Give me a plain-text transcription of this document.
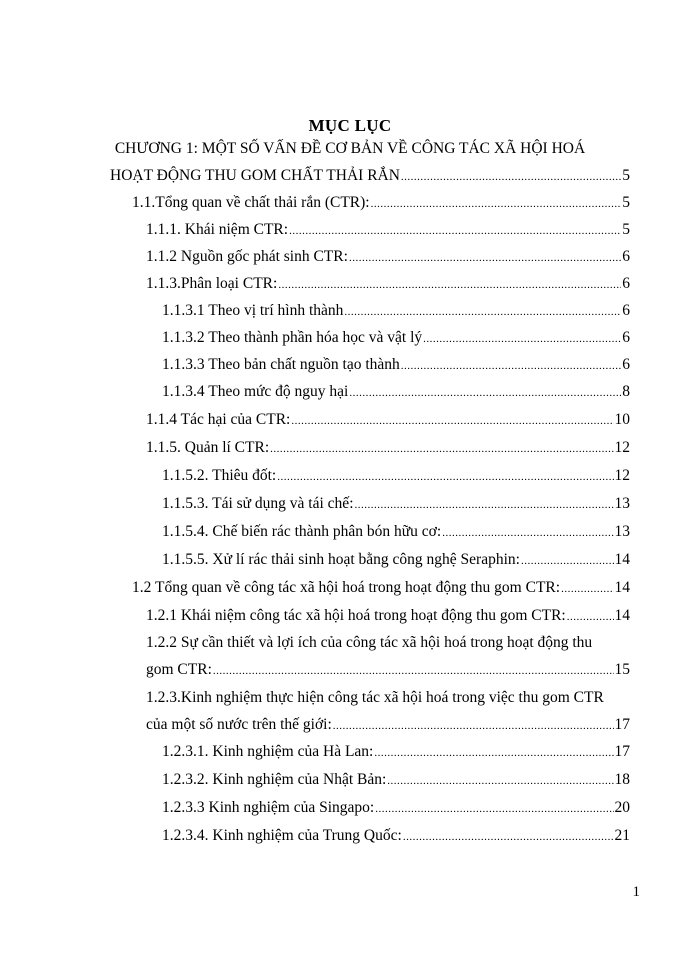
MỤC LỤC
CHƯƠNG 1: MỘT SỐ VẤN ĐỀ CƠ BẢN VỀ CÔNG TÁC XÃ HỘI HOÁ
HOẠT ĐỘNG THU GOM CHẤT THẢI RẮN .....	5
1.1.Tổng quan về chất thải rắn (CTR): .....	5
1.1.1. Khái niệm CTR: .....	5
1.1.2 Nguồn gốc phát sinh CTR: .....	6
1.1.3.Phân loại CTR: .....	6
1.1.3.1 Theo vị trí hình thành .....	6
1.1.3.2 Theo thành phần hóa học và vật lý .....	6
1.1.3.3 Theo bản chất nguồn tạo thành .....	6
1.1.3.4 Theo mức độ nguy hại .....	8
1.1.4 Tác hại của CTR: .....	10
1.1.5. Quản lí CTR: .....	12
1.1.5.2. Thiêu đốt: .....	12
1.1.5.3. Tái sử dụng và tái chế: .....	13
1.1.5.4. Chế biến rác thành phân bón hữu cơ: .....	13
1.1.5.5. Xử lí rác thải sinh hoạt bằng công nghệ Seraphin: .....	14
1.2 Tổng quan về công tác xã hội hoá trong hoạt động thu gom CTR: .....	14
1.2.1 Khái niệm công tác xã hội hoá trong hoạt động thu gom CTR: .....	14
1.2.2 Sự cần thiết và lợi ích của công tác xã hội hoá trong hoạt động thu
gom CTR: .....	15
1.2.3.Kinh nghiệm thực hiện công tác xã hội hoá trong việc thu gom CTR
của một số nước trên thế giới: .....	17
1.2.3.1. Kinh nghiệm của Hà Lan: .....	17
1.2.3.2. Kinh nghiệm của Nhật Bản: .....	18
1.2.3.3 Kinh nghiệm của Singapo: .....	20
1.2.3.4. Kinh nghiệm của Trung Quốc: .....	21
1
